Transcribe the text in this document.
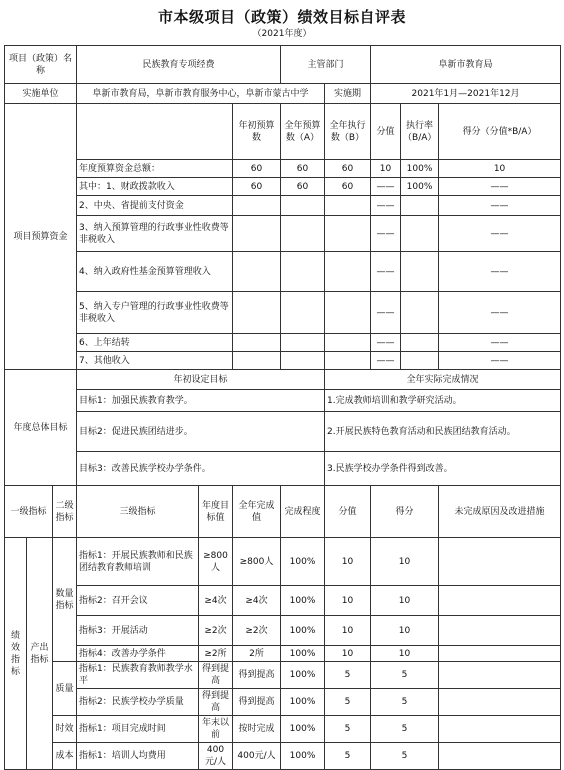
市本级项目（政策）绩效目标自评表
（2021年度）
项目（政策）名称			民族教育专项经费			主管部门		阜新市教育局		
实施单位			阜新市教育局，阜新市教育服务中心，阜新市蒙古中学				实施期	2021年1月—2021年12月		
项目预算资金					年初预算数	全年预算数（A）	全年执行数（B）	分值	执行率（B/A）	得分（分值*B/A）
			年度预算资金总额：		60	60	60	10	100%	10
			其中：1、财政拨款收入		60	60	60	——	100%	——
			2、中央、省提前支付资金					——		——
			3、纳入预算管理的行政事业性收费等非税收入					——		——
			4、纳入政府性基金预算管理收入					——		——
			5、纳入专户管理的行政事业性收费等非税收入					——		——
			6、上年结转					——		——
			7、其他收入					——		——
年度总体目标			年初设定目标				全年实际完成情况			
			目标1：加强民族教育教学。				1.完成教师培训和教学研究活动。			
			目标2：促进民族团结进步。				2.开展民族特色教育活动和民族团结教育活动。			
			目标3：改善民族学校办学条件。				3.民族学校办学条件得到改善。			
一级指标		二级指标	三级指标	年度目标值	全年完成值	完成程度	分值	得分		未完成原因及改进措施
绩效指标	产出指标	数量指标	指标1：开展民族教师和民族团结教育教师培训	≥800人	≥800人	100%	10	10		
			指标2：召开会议	≥4次	≥4次	100%	10	10		
			指标3：开展活动	≥2次	≥2次	100%	10	10		
			指标4：改善办学条件	≥2所	2所	100%	10	10		
		质量	指标1：民族教育教师教学水平	得到提高	得到提高	100%	5	5		
			指标2：民族学校办学质量	得到提高	得到提高	100%	5	5		
		时效	指标1：项目完成时间	年末以前	按时完成	100%	5	5		
		成本	指标1：培训人均费用	400元/人	400元/人	100%	5	5		
